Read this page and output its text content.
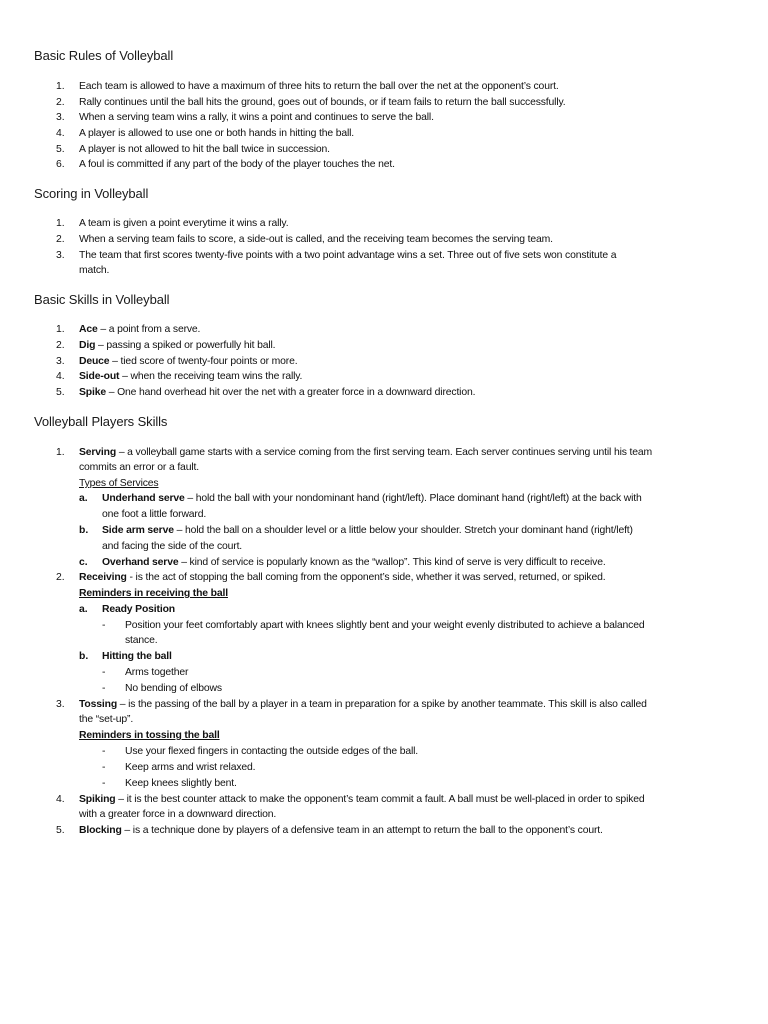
Basic Rules of Volleyball
1. Each team is allowed to have a maximum of three hits to return the ball over the net at the opponent’s court.
2. Rally continues until the ball hits the ground, goes out of bounds, or if team fails to return the ball successfully.
3. When a serving team wins a rally, it wins a point and continues to serve the ball.
4. A player is allowed to use one or both hands in hitting the ball.
5. A player is not allowed to hit the ball twice in succession.
6. A foul is committed if any part of the body of the player touches the net.
Scoring in Volleyball
1. A team is given a point everytime it wins a rally.
2. When a serving team fails to score, a side-out is called, and the receiving team becomes the serving team.
3. The team that first scores twenty-five points with a two point advantage wins a set. Three out of five sets won constitute a
match.
Basic Skills in Volleyball
1. Ace – a point from a serve.
2. Dig – passing a spiked or powerfully hit ball.
3. Deuce – tied score of twenty-four points or more.
4. Side-out – when the receiving team wins the rally.
5. Spike – One hand overhead hit over the net with a greater force in a downward direction.
Volleyball Players Skills
1. Serving – a volleyball game starts with a service coming from the first serving team. Each server continues serving until his team
commits an error or a fault.
Types of Services
a. Underhand serve – hold the ball with your nondominant hand (right/left). Place dominant hand (right/left) at the back with
one foot a little forward.
b. Side arm serve – hold the ball on a shoulder level or a little below your shoulder. Stretch your dominant hand (right/left)
and facing the side of the court.
c. Overhand serve – kind of service is popularly known as the “wallop”. This kind of serve is very difficult to receive.
2. Receiving - is the act of stopping the ball coming from the opponent’s side, whether it was served, returned, or spiked.
Reminders in receiving the ball
a. Ready Position
- Position your feet comfortably apart with knees slightly bent and your weight evenly distributed to achieve a balanced
stance.
b. Hitting the ball
- Arms together
- No bending of elbows
3. Tossing – is the passing of the ball by a player in a team in preparation for a spike by another teammate. This skill is also called
the “set-up”.
Reminders in tossing the ball
- Use your flexed fingers in contacting the outside edges of the ball.
- Keep arms and wrist relaxed.
- Keep knees slightly bent.
4. Spiking – it is the best counter attack to make the opponent’s team commit a fault. A ball must be well-placed in order to spiked
with a greater force in a downward direction.
5. Blocking – is a technique done by players of a defensive team in an attempt to return the ball to the opponent’s court.
